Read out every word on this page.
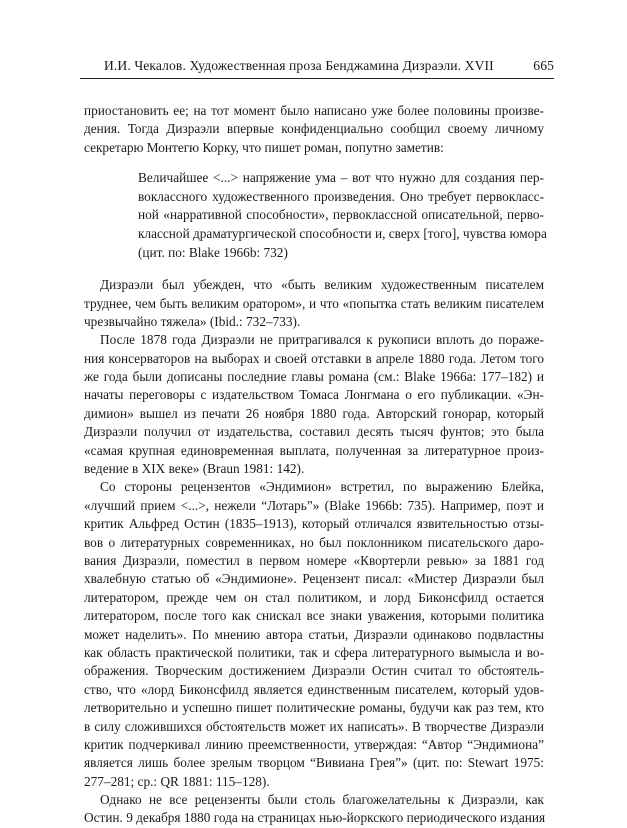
И.И. Чекалов. Художественная проза Бенджамина Дизраэли. XVII	665
приостановить ее; на тот момент было написано уже более половины произве-
дения. Тогда Дизраэли впервые конфиденциально сообщил своему личному
секретарю Монтегю Корку, что пишет роман, попутно заметив:
Величайшее <...> напряжение ума – вот что нужно для создания пер-
воклассного художественного произведения. Оно требует первокласс-
ной «нарративной способности», первоклассной описательной, перво-
классной драматургической способности и, сверх [того], чувства юмора
(цит. по: Blake 1966b: 732)
Дизраэли был убежден, что «быть великим художественным писателем
труднее, чем быть великим оратором», и что «попытка стать великим писателем
чрезвычайно тяжела» (Ibid.: 732–733).
После 1878 года Дизраэли не притрагивался к рукописи вплоть до пораже-
ния консерваторов на выборах и своей отставки в апреле 1880 года. Летом того
же года были дописаны последние главы романа (см.: Blake 1966a: 177–182) и
начаты переговоры с издательством Томаса Лонгмана о его публикации. «Эн-
димион» вышел из печати 26 ноября 1880 года. Авторский гонорар, который
Дизраэли получил от издательства, составил десять тысяч фунтов; это была
«самая крупная единовременная выплата, полученная за литературное произ-
ведение в XIX веке» (Braun 1981: 142).
Со стороны рецензентов «Эндимион» встретил, по выражению Блейка,
«лучший прием <...>, нежели “Лотарь”» (Blake 1966b: 735). Например, поэт и
критик Альфред Остин (1835–1913), который отличался язвительностью отзы-
вов о литературных современниках, но был поклонником писательского даро-
вания Дизраэли, поместил в первом номере «Квортерли ревью» за 1881 год
хвалебную статью об «Эндимионе». Рецензент писал: «Мистер Дизраэли был
литератором, прежде чем он стал политиком, и лорд Биконсфилд остается
литератором, после того как снискал все знаки уважения, которыми политика
может наделить». По мнению автора статьи, Дизраэли одинаково подвластны
как область практической политики, так и сфера литературного вымысла и во-
ображения. Творческим достижением Дизраэли Остин считал то обстоятель-
ство, что «лорд Биконсфилд является единственным писателем, который удов-
летворительно и успешно пишет политические романы, будучи как раз тем, кто
в силу сложившихся обстоятельств может их написать». В творчестве Дизраэли
критик подчеркивал линию преемственности, утверждая: “Автор “Эндимиона”
является лишь более зрелым творцом “Вивиана Грея”» (цит. по: Stewart 1975:
277–281; ср.: QR 1881: 115–128).
Однако не все рецензенты были столь благожелательны к Дизраэли, как
Остин. 9 декабря 1880 года на страницах нью-йоркского периодического издания
